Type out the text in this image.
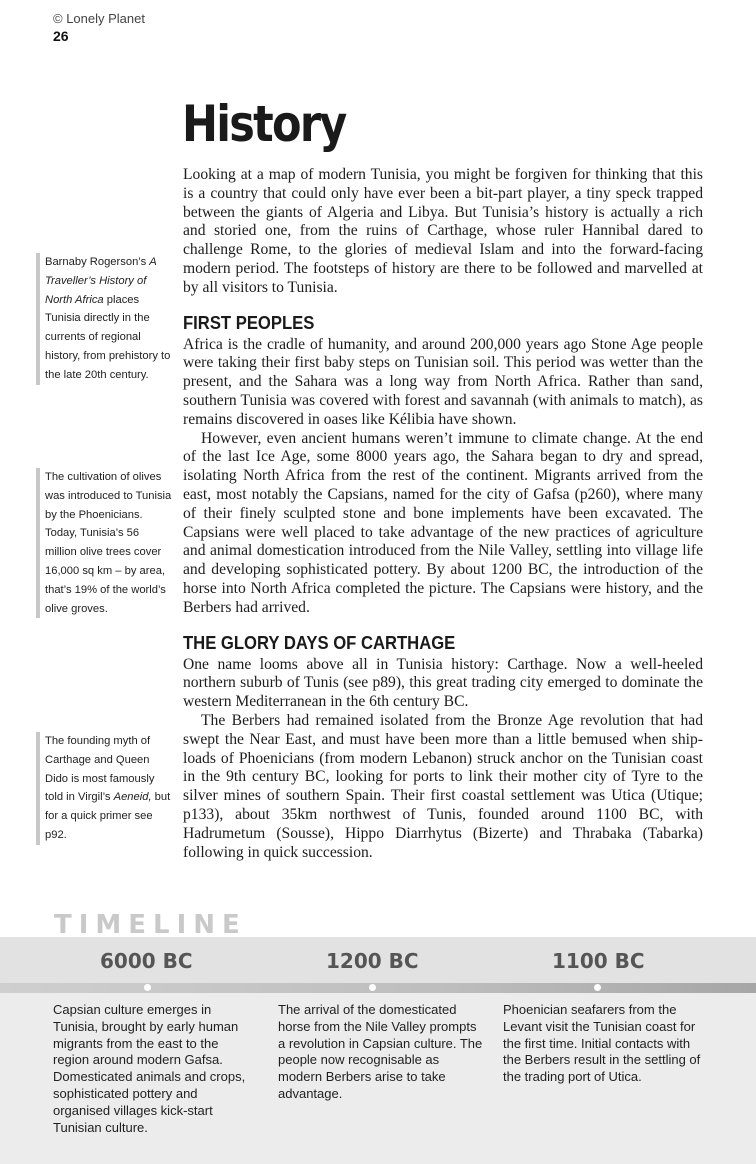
© Lonely Planet
26
History

Looking at a map of modern Tunisia, you might be forgiven for thinking that this is a country that could only have ever been a bit-part player, a tiny speck trapped between the giants of Algeria and Libya. But Tunisia’s history is actually a rich and storied one, from the ruins of Carthage, whose ruler Hannibal dared to challenge Rome, to the glories of medieval Islam and into the forward-facing modern period. The footsteps of history are there to be followed and marvelled at by all visitors to Tunisia.

FIRST PEOPLES

Africa is the cradle of humanity, and around 200,000 years ago Stone Age people were taking their first baby steps on Tunisian soil. This period was wetter than the present, and the Sahara was a long way from North Africa. Rather than sand, southern Tunisia was covered with forest and savannah (with animals to match), as remains discovered in oases like Kélibia have shown.

However, even ancient humans weren’t immune to climate change. At the end of the last Ice Age, some 8000 years ago, the Sahara began to dry and spread, isolating North Africa from the rest of the continent. Migrants arrived from the east, most notably the Capsians, named for the city of Gafsa (p260), where many of their finely sculpted stone and bone implements have been excavated. The Capsians were well placed to take advantage of the new practices of agriculture and animal domestication introduced from the Nile Valley, settling into village life and developing sophisticated pottery. By about 1200 BC, the introduction of the horse into North Africa completed the picture. The Capsians were history, and the Berbers had arrived.

THE GLORY DAYS OF CARTHAGE

One name looms above all in Tunisia history: Carthage. Now a well-heeled northern suburb of Tunis (see p89), this great trading city emerged to dominate the western Mediterranean in the 6th century BC.

The Berbers had remained isolated from the Bronze Age revolution that had swept the Near East, and must have been more than a little bemused when ship-loads of Phoenicians (from modern Lebanon) struck anchor on the Tunisian coast in the 9th century BC, looking for ports to link their mother city of Tyre to the silver mines of southern Spain. Their first coastal settlement was Utica (Utique; p133), about 35km northwest of Tunis, founded around 1100 BC, with Hadrumetum (Sousse), Hippo Diarrhytus (Bizerte) and Thrabaka (Tabarka) following in quick succession.

Barnaby Rogerson’s A Traveller’s History of North Africa places Tunisia directly in the currents of regional history, from prehistory to the late 20th century.
The cultivation of olives was introduced to Tunisia by the Phoenicians. Today, Tunisia’s 56 million olive trees cover 16,000 sq km – by area, that’s 19% of the world’s olive groves.
The founding myth of Carthage and Queen Dido is most famously told in Virgil’s Aeneid, but for a quick primer see p92.
TIMELINE
6000 BC	1200 BC	1100 BC
Capsian culture emerges in Tunisia, brought by early human migrants from the east to the region around modern Gafsa. Domesticated animals and crops, sophisticated pottery and organised villages kick-start Tunisian culture.
The arrival of the domesticated horse from the Nile Valley prompts a revolution in Capsian culture. The people now recognisable as modern Berbers arise to take advantage.
Phoenician seafarers from the Levant visit the Tunisian coast for the first time. Initial contacts with the Berbers result in the settling of the trading port of Utica.
